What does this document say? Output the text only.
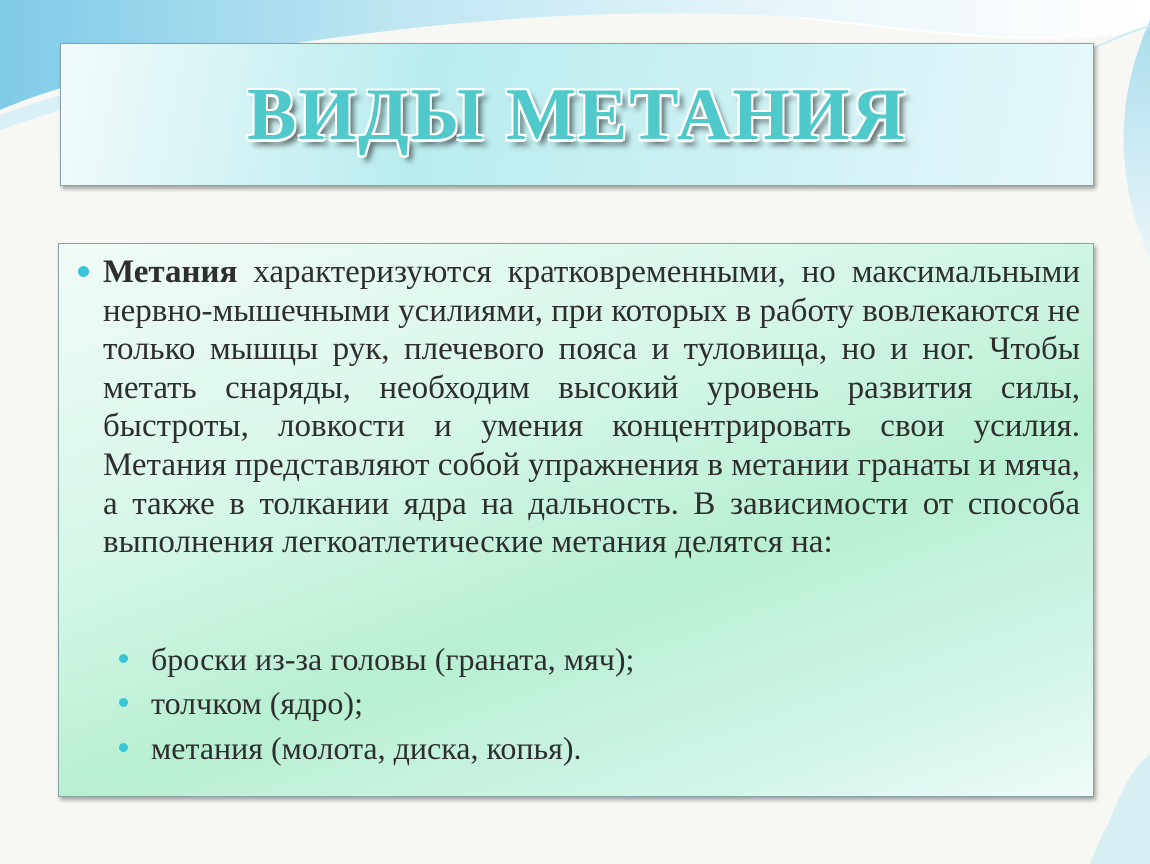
ВИДЫ МЕТАНИЯ

Метания характеризуются кратковременными, но максимальными нервно-мышечными усилиями, при которых в работу вовлекаются не только мышцы рук, плечевого пояса и туловища, но и ног. Чтобы метать снаряды, необходим высокий уровень развития силы, быстроты, ловкости и умения концентрировать свои усилия. Метания представляют собой упражнения в метании гранаты и мяча, а также в толкании ядра на дальность. В зависимости от способа выполнения легкоатлетические метания делятся на:

броски из-за головы (граната, мяч);

толчком (ядро);

метания (молота, диска, копья).
